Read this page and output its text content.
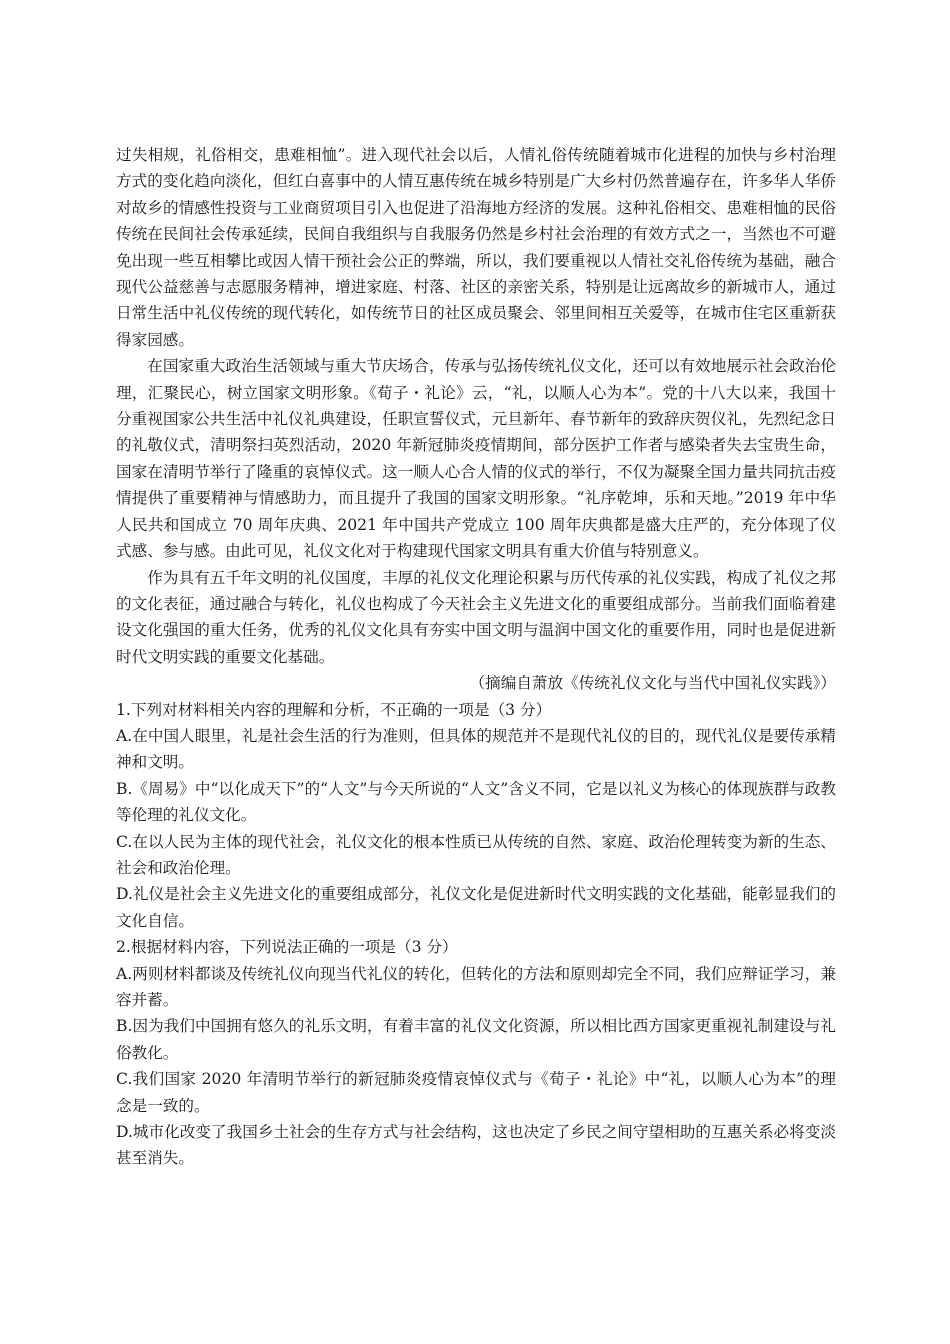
过失相规，礼俗相交，患难相恤”。进入现代社会以后，人情礼俗传统随着城市化进程的加快与乡村治理方式的变化趋向淡化，但红白喜事中的人情互惠传统在城乡特别是广大乡村仍然普遍存在，许多华人华侨对故乡的情感性投资与工业商贸项目引入也促进了沿海地方经济的发展。这种礼俗相交、患难相恤的民俗传统在民间社会传承延续，民间自我组织与自我服务仍然是乡村社会治理的有效方式之一，当然也不可避免出现一些互相攀比或因人情干预社会公正的弊端，所以，我们要重视以人情社交礼俗传统为基础，融合现代公益慈善与志愿服务精神，增进家庭、村落、社区的亲密关系，特别是让远离故乡的新城市人，通过日常生活中礼仪传统的现代转化，如传统节日的社区成员聚会、邻里间相互关爱等，在城市住宅区重新获得家园感。

在国家重大政治生活领域与重大节庆场合，传承与弘扬传统礼仪文化，还可以有效地展示社会政治伦理，汇聚民心，树立国家文明形象。《荀子・礼论》云，“礼，以顺人心为本”。党的十八大以来，我国十分重视国家公共生活中礼仪礼典建设，任职宣誓仪式，元旦新年、春节新年的致辞庆贺仪礼，先烈纪念日的礼敬仪式，清明祭扫英烈活动，2020 年新冠肺炎疫情期间，部分医护工作者与感染者失去宝贵生命，国家在清明节举行了隆重的哀悼仪式。这一顺人心合人情的仪式的举行，不仅为凝聚全国力量共同抗击疫情提供了重要精神与情感助力，而且提升了我国的国家文明形象。“礼序乾坤，乐和天地。”2019 年中华人民共和国成立 70 周年庆典、2021 年中国共产党成立 100 周年庆典都是盛大庄严的，充分体现了仪式感、参与感。由此可见，礼仪文化对于构建现代国家文明具有重大价值与特别意义。

作为具有五千年文明的礼仪国度，丰厚的礼仪文化理论积累与历代传承的礼仪实践，构成了礼仪之邦的文化表征，通过融合与转化，礼仪也构成了今天社会主义先进文化的重要组成部分。当前我们面临着建设文化强国的重大任务，优秀的礼仪文化具有夯实中国文明与温润中国文化的重要作用，同时也是促进新时代文明实践的重要文化基础。

（摘编自萧放《传统礼仪文化与当代中国礼仪实践》）

1.下列对材料相关内容的理解和分析，不正确的一项是（3 分）

A.在中国人眼里，礼是社会生活的行为准则，但具体的规范并不是现代礼仪的目的，现代礼仪是要传承精神和文明。

B.《周易》中“以化成天下”的“人文”与今天所说的“人文”含义不同，它是以礼义为核心的体现族群与政教等伦理的礼仪文化。

C.在以人民为主体的现代社会，礼仪文化的根本性质已从传统的自然、家庭、政治伦理转变为新的生态、社会和政治伦理。

D.礼仪是社会主义先进文化的重要组成部分，礼仪文化是促进新时代文明实践的文化基础，能彰显我们的文化自信。

2.根据材料内容，下列说法正确的一项是（3 分）

A.两则材料都谈及传统礼仪向现当代礼仪的转化，但转化的方法和原则却完全不同，我们应辩证学习，兼容并蓄。

B.因为我们中国拥有悠久的礼乐文明，有着丰富的礼仪文化资源，所以相比西方国家更重视礼制建设与礼俗教化。

C.我们国家 2020 年清明节举行的新冠肺炎疫情哀悼仪式与《荀子・礼论》中“礼，以顺人心为本”的理念是一致的。

D.城市化改变了我国乡土社会的生存方式与社会结构，这也决定了乡民之间守望相助的互惠关系必将变淡甚至消失。
